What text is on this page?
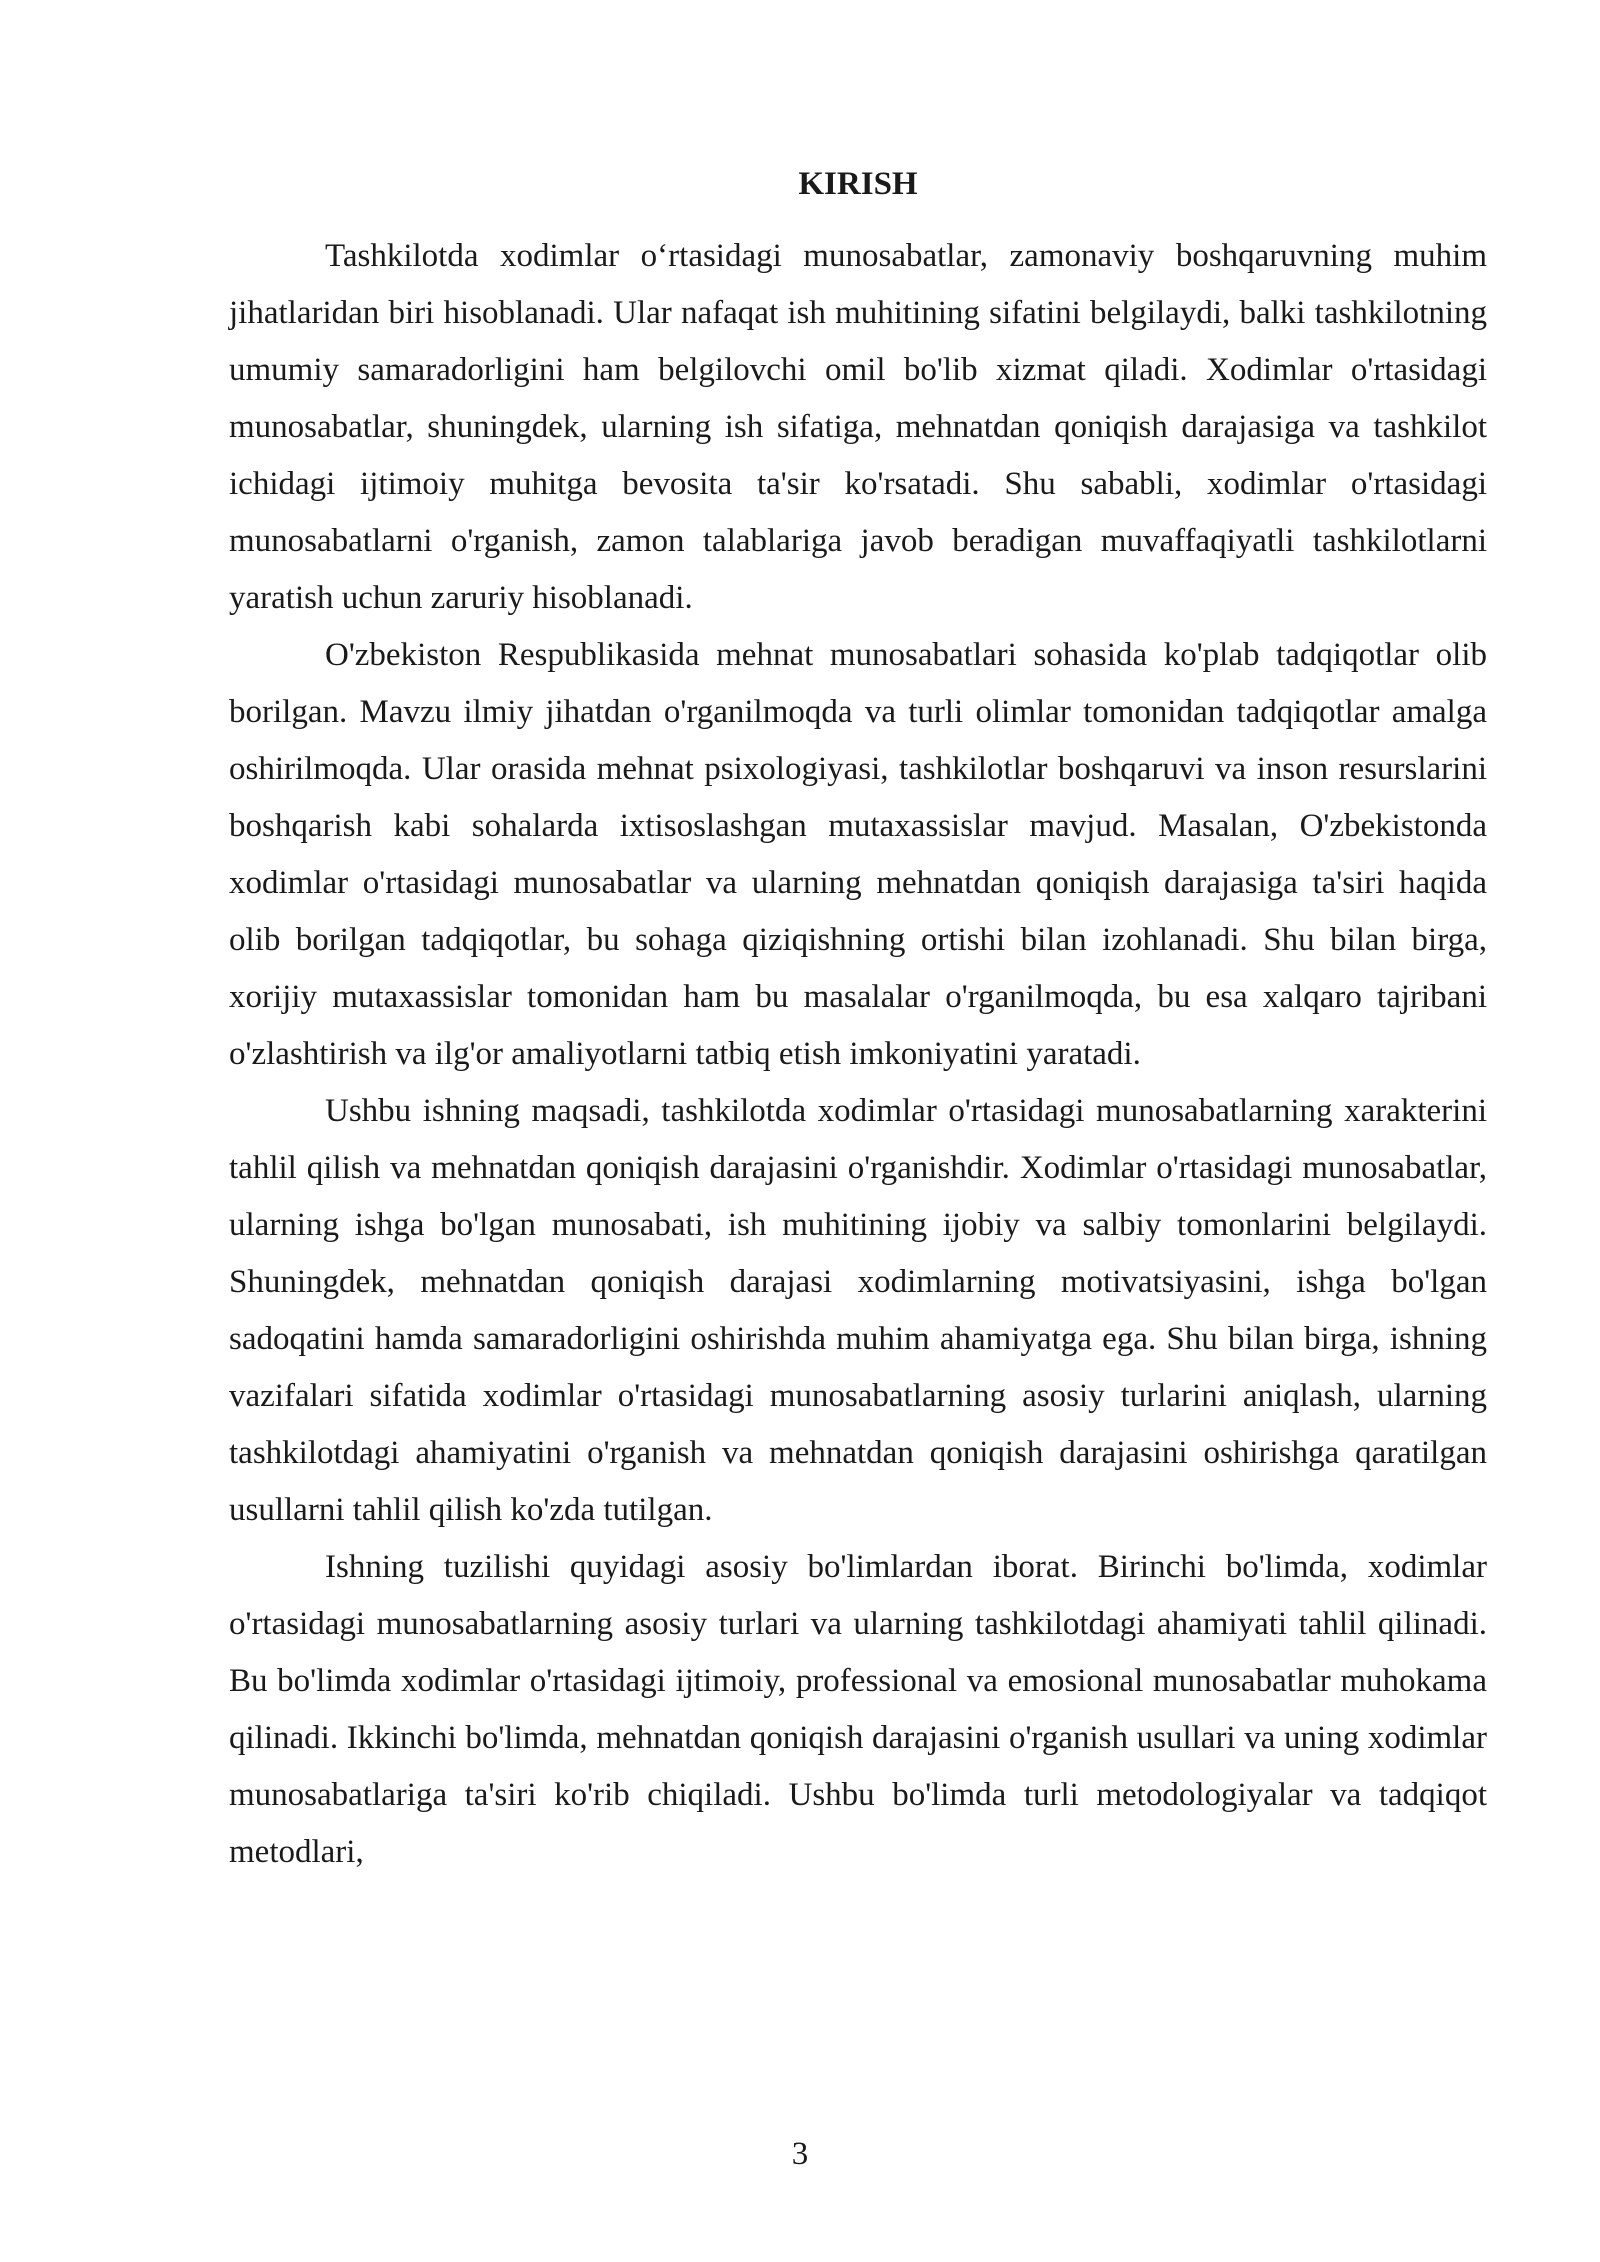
KIRISH

Tashkilotda xodimlar o‘rtasidagi munosabatlar, zamonaviy boshqaruvning muhim jihatlaridan biri hisoblanadi. Ular nafaqat ish muhitining sifatini belgilaydi, balki tashkilotning umumiy samaradorligini ham belgilovchi omil bo'lib xizmat qiladi. Xodimlar o'rtasidagi munosabatlar, shuningdek, ularning ish sifatiga, mehnatdan qoniqish darajasiga va tashkilot ichidagi ijtimoiy muhitga bevosita ta'sir ko'rsatadi. Shu sababli, xodimlar o'rtasidagi munosabatlarni o'rganish, zamon talablariga javob beradigan muvaffaqiyatli tashkilotlarni yaratish uchun zaruriy hisoblanadi.

O'zbekiston Respublikasida mehnat munosabatlari sohasida ko'plab tadqiqotlar olib borilgan. Mavzu ilmiy jihatdan o'rganilmoqda va turli olimlar tomonidan tadqiqotlar amalga oshirilmoqda. Ular orasida mehnat psixologiyasi, tashkilotlar boshqaruvi va inson resurslarini boshqarish kabi sohalarda ixtisoslashgan mutaxassislar mavjud. Masalan, O'zbekistonda xodimlar o'rtasidagi munosabatlar va ularning mehnatdan qoniqish darajasiga ta'siri haqida olib borilgan tadqiqotlar, bu sohaga qiziqishning ortishi bilan izohlanadi. Shu bilan birga, xorijiy mutaxassislar tomonidan ham bu masalalar o'rganilmoqda, bu esa xalqaro tajribani o'zlashtirish va ilg'or amaliyotlarni tatbiq etish imkoniyatini yaratadi.

Ushbu ishning maqsadi, tashkilotda xodimlar o'rtasidagi munosabatlarning xarakterini tahlil qilish va mehnatdan qoniqish darajasini o'rganishdir. Xodimlar o'rtasidagi munosabatlar, ularning ishga bo'lgan munosabati, ish muhitining ijobiy va salbiy tomonlarini belgilaydi. Shuningdek, mehnatdan qoniqish darajasi xodimlarning motivatsiyasini, ishga bo'lgan sadoqatini hamda samaradorligini oshirishda muhim ahamiyatga ega. Shu bilan birga, ishning vazifalari sifatida xodimlar o'rtasidagi munosabatlarning asosiy turlarini aniqlash, ularning tashkilotdagi ahamiyatini o'rganish va mehnatdan qoniqish darajasini oshirishga qaratilgan usullarni tahlil qilish ko'zda tutilgan.

Ishning tuzilishi quyidagi asosiy bo'limlardan iborat. Birinchi bo'limda, xodimlar o'rtasidagi munosabatlarning asosiy turlari va ularning tashkilotdagi ahamiyati tahlil qilinadi. Bu bo'limda xodimlar o'rtasidagi ijtimoiy, professional va emosional munosabatlar muhokama qilinadi. Ikkinchi bo'limda, mehnatdan qoniqish darajasini o'rganish usullari va uning xodimlar munosabatlariga ta'siri ko'rib chiqiladi. Ushbu bo'limda turli metodologiyalar va tadqiqot metodlari,

3
